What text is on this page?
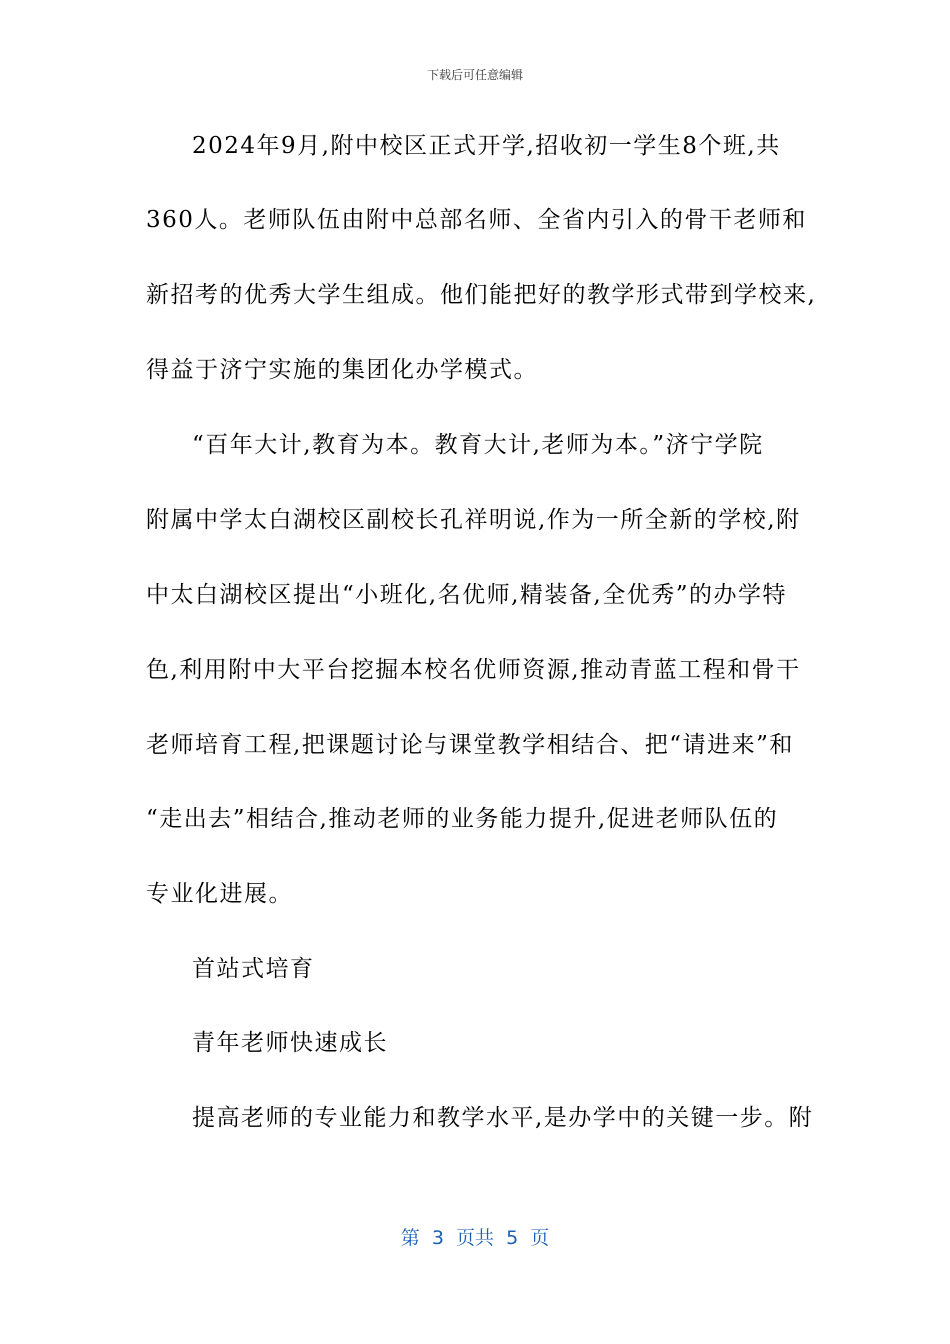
下载后可任意编辑
2024年9月,附中校区正式开学,招收初一学生8个班,共
360人。老师队伍由附中总部名师、全省内引入的骨干老师和
新招考的优秀大学生组成。他们能把好的教学形式带到学校来,
得益于济宁实施的集团化办学模式。
“百年大计,教育为本。教育大计,老师为本。”济宁学院
附属中学太白湖校区副校长孔祥明说,作为一所全新的学校,附
中太白湖校区提出“小班化,名优师,精装备,全优秀”的办学特
色,利用附中大平台挖掘本校名优师资源,推动青蓝工程和骨干
老师培育工程,把课题讨论与课堂教学相结合、把“请进来”和
“走出去”相结合,推动老师的业务能力提升,促进老师队伍的
专业化进展。
首站式培育
青年老师快速成长
提高老师的专业能力和教学水平,是办学中的关键一步。附
第  3  页共  5  页
